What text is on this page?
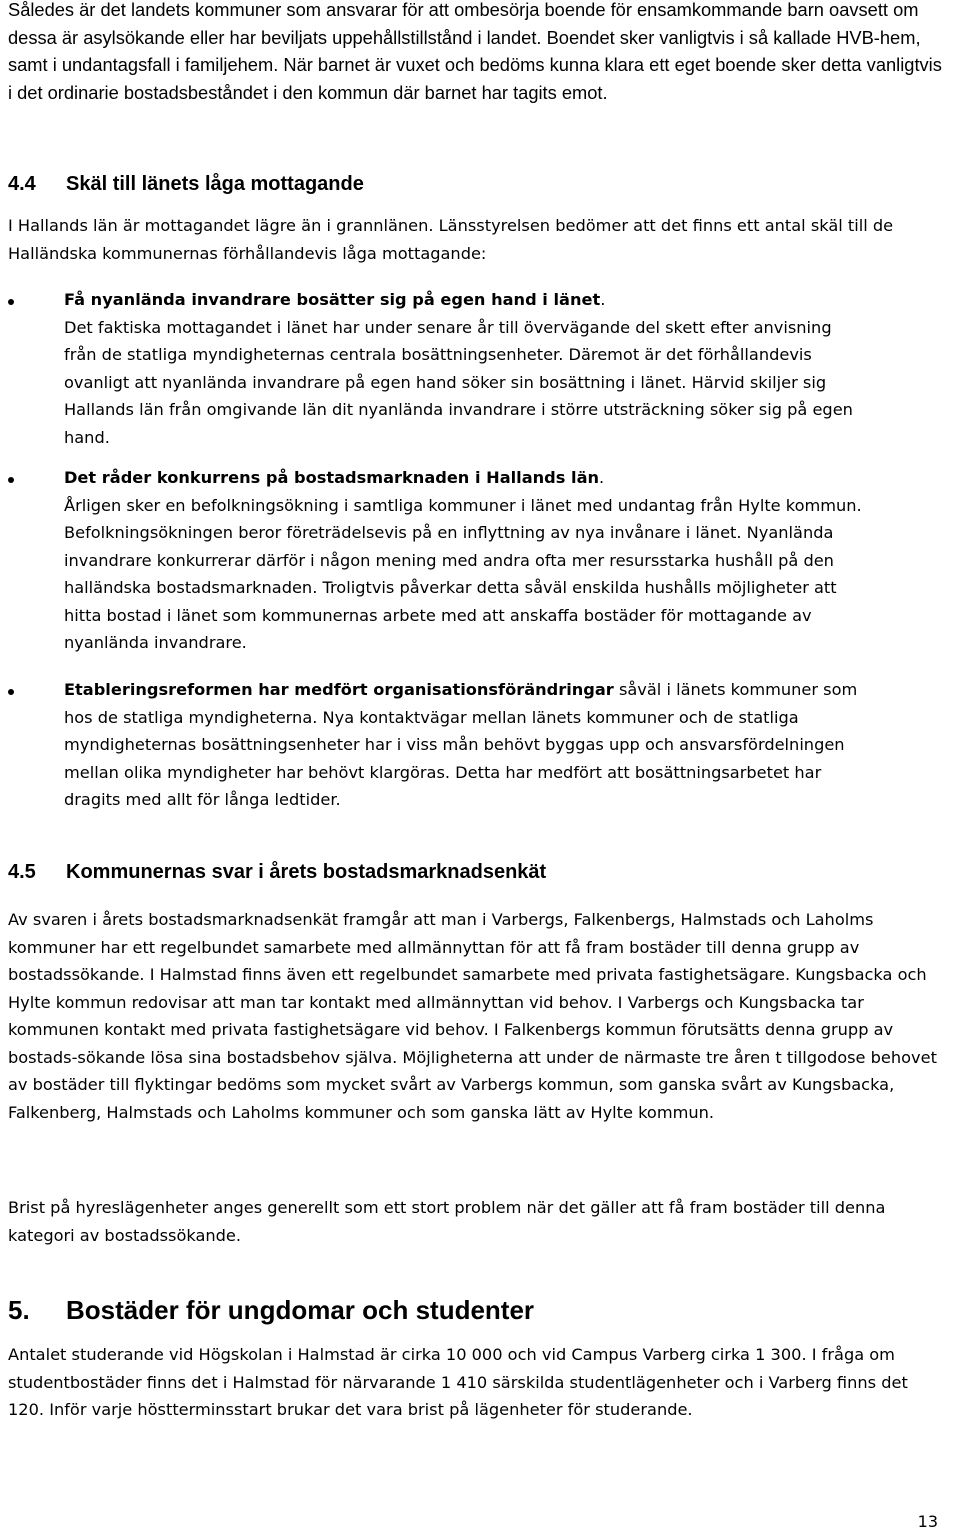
Således är det landets kommuner som ansvarar för att ombesörja boende för ensamkommande barn oavsett om dessa är asylsökande eller har beviljats uppehållstillstånd i landet. Boendet sker vanligtvis i så kallade HVB-hem, samt i undantagsfall i familjehem. När barnet är vuxet och bedöms kunna klara ett eget boende sker detta vanligtvis i det ordinarie bostadsbeståndet i den kommun där barnet har tagits emot.

4.4 Skäl till länets låga mottagande

I Hallands län är mottagandet lägre än i grannlänen. Länsstyrelsen bedömer att det finns ett antal skäl till de Halländska kommunernas förhållandevis låga mottagande:

Få nyanlända invandrare bosätter sig på egen hand i länet.
Det faktiska mottagandet i länet har under senare år till övervägande del skett efter anvisning från de statliga myndigheternas centrala bosättningsenheter. Däremot är det förhållandevis ovanligt att nyanlända invandrare på egen hand söker sin bosättning i länet. Härvid skiljer sig Hallands län från omgivande län dit nyanlända invandrare i större utsträckning söker sig på egen hand.
Det råder konkurrens på bostadsmarknaden i Hallands län.
Årligen sker en befolkningsökning i samtliga kommuner i länet med undantag från Hylte kommun. Befolkningsökningen beror företrädelsevis på en inflyttning av nya invånare i länet. Nyanlända invandrare konkurrerar därför i någon mening med andra ofta mer resursstarka hushåll på den halländska bostadsmarknaden. Troligtvis påverkar detta såväl enskilda hushålls möjligheter att hitta bostad i länet som kommunernas arbete med att anskaffa bostäder för mottagande av nyanlända invandrare.
Etableringsreformen har medfört organisationsförändringar såväl i länets kommuner som hos de statliga myndigheterna. Nya kontaktvägar mellan länets kommuner och de statliga myndigheternas bosättningsenheter har i viss mån behövt byggas upp och ansvarsfördelningen mellan olika myndigheter har behövt klargöras. Detta har medfört att bosättningsarbetet har dragits med allt för långa ledtider.
4.5 Kommunernas svar i årets bostadsmarknadsenkät

Av svaren i årets bostadsmarknadsenkät framgår att man i Varbergs, Falkenbergs, Halmstads och Laholms kommuner har ett regelbundet samarbete med allmännyttan för att få fram bostäder till denna grupp av bostadssökande. I Halmstad finns även ett regelbundet samarbete med privata fastighetsägare. Kungsbacka och Hylte kommun redovisar att man tar kontakt med allmännyttan vid behov. I Varbergs och Kungsbacka tar kommunen kontakt med privata fastighetsägare vid behov. I Falkenbergs kommun förutsätts denna grupp av bostads-sökande lösa sina bostadsbehov själva. Möjligheterna att under de närmaste tre åren t tillgodose behovet av bostäder till flyktingar bedöms som mycket svårt av Varbergs kommun, som ganska svårt av Kungsbacka, Falkenberg, Halmstads och Laholms kommuner och som ganska lätt av Hylte kommun.

Brist på hyreslägenheter anges generellt som ett stort problem när det gäller att få fram bostäder till denna kategori av bostadssökande.

5. Bostäder för ungdomar och studenter

Antalet studerande vid Högskolan i Halmstad är cirka 10 000 och vid Campus Varberg cirka 1 300. I fråga om studentbostäder finns det i Halmstad för närvarande 1 410 särskilda studentlägenheter och i Varberg finns det 120. Inför varje höstterminsstart brukar det vara brist på lägenheter för studerande.

13
